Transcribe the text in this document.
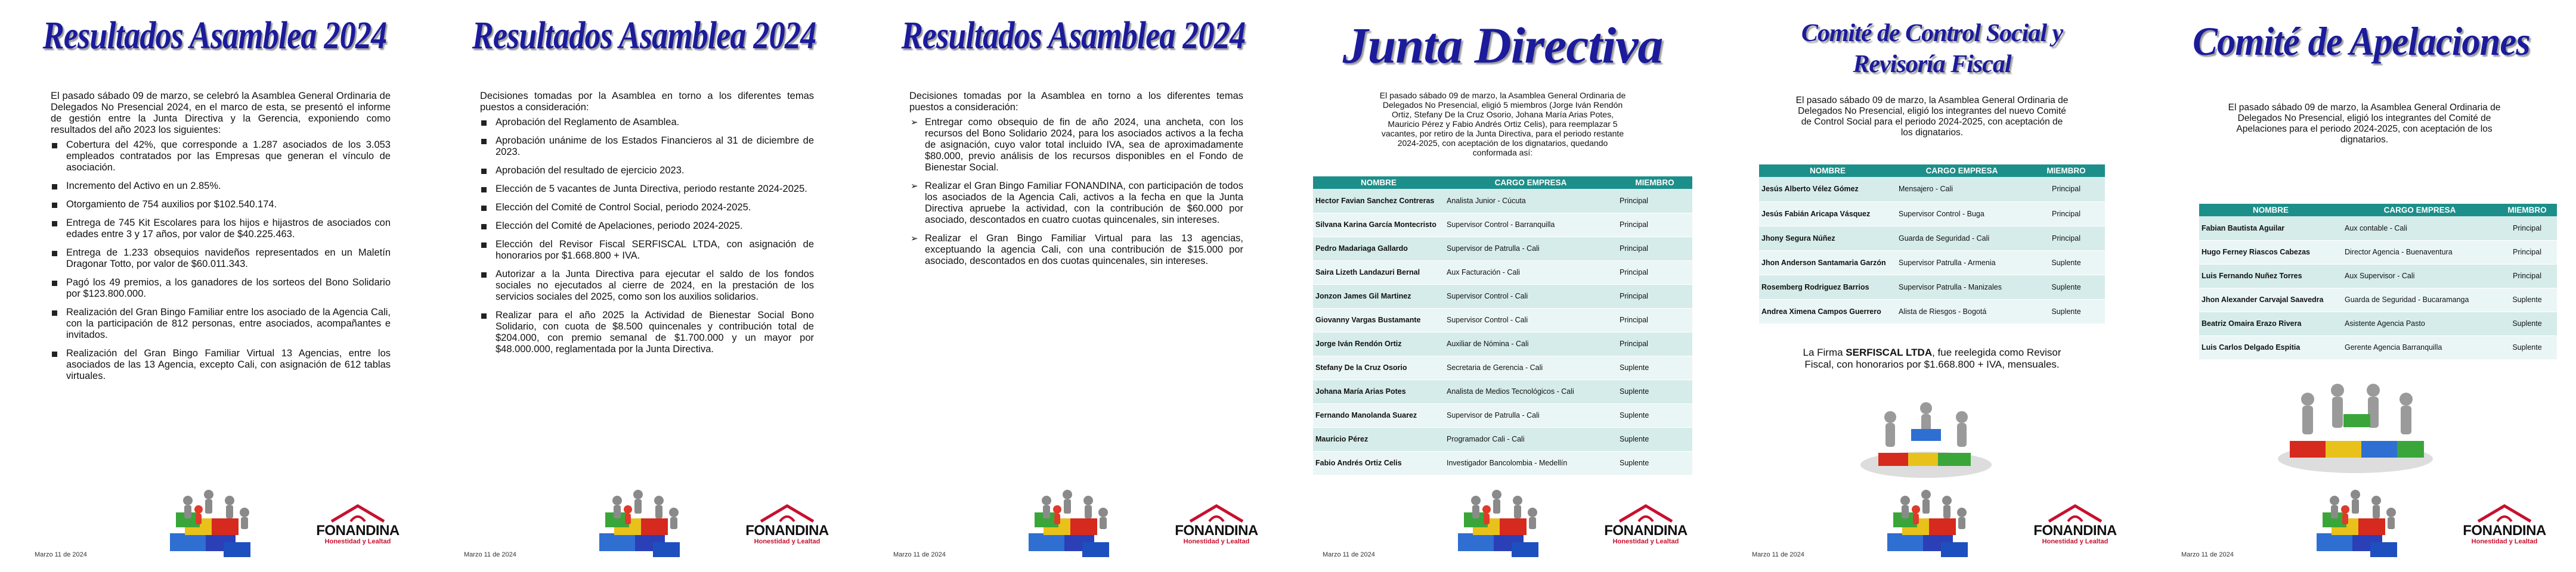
Resultados Asamblea 2024

El pasado sábado 09 de marzo, se celebró la Asamblea General Ordinaria de Delegados No Presencial 2024, en el marco de esta, se presentó el informe de gestión entre la Junta Directiva y la Gerencia, exponiendo como resultados del año 2023 los siguientes:

Cobertura del 42%, que corresponde a 1.287 asociados de los 3.053 empleados contratados por las Empresas que generan el vínculo de asociación.
Incremento del Activo en un 2.85%.
Otorgamiento de 754 auxilios por $102.540.174.
Entrega de 745 Kit Escolares para los hijos e hijastros de asociados con edades entre 3 y 17 años, por valor de $40.225.463.
Entrega de 1.233 obsequios navideños representados en un Maletín Dragonar Totto, por valor de $60.011.343.
Pagó los 49 premios, a los ganadores de los sorteos del Bono Solidario por $123.800.000.
Realización del Gran Bingo Familiar entre los asociado de la Agencia Cali, con la participación de 812 personas, entre asociados, acompañantes e invitados.
Realización del Gran Bingo Familiar Virtual 13 Agencias, entre los asociados de las 13 Agencia, excepto Cali, con asignación de 612 tablas virtuales.
FONANDINA
Honestidad y Lealtad
Marzo 11 de 2024
Resultados Asamblea 2024

Decisiones tomadas por la Asamblea en torno a los diferentes temas puestos a consideración:

Aprobación del Reglamento de Asamblea.
Aprobación unánime de los Estados Financieros al 31 de diciembre de 2023.
Aprobación del resultado de ejercicio 2023.
Elección de 5 vacantes de Junta Directiva, periodo restante 2024-2025.
Elección del Comité de Control Social, periodo 2024-2025.
Elección del Comité de Apelaciones, periodo 2024-2025.
Elección del Revisor Fiscal SERFISCAL LTDA, con asignación de honorarios por $1.668.800 + IVA.
Autorizar a la Junta Directiva para ejecutar el saldo de los fondos sociales no ejecutados al cierre de 2024, en la prestación de los servicios sociales del 2025, como son los auxilios solidarios.
Realizar para el año 2025 la Actividad de Bienestar Social Bono Solidario, con cuota de $8.500 quincenales y contribución total de $204.000, con premio semanal de $1.700.000 y un mayor por $48.000.000, reglamentada por la Junta Directiva.
FONANDINA
Honestidad y Lealtad
Marzo 11 de 2024
Resultados Asamblea 2024

Decisiones tomadas por la Asamblea en torno a los diferentes temas puestos a consideración:

➢ Entregar como obsequio de fin de año 2024, una ancheta, con los recursos del Bono Solidario 2024, para los asociados activos a la fecha de asignación, cuyo valor total incluido IVA, sea de aproximadamente $80.000, previo análisis de los recursos disponibles en el Fondo de Bienestar Social.
➢ Realizar el Gran Bingo Familiar FONANDINA, con participación de todos los asociados de la Agencia Cali, activos a la fecha en que la Junta Directiva apruebe la actividad, con la contribución de $60.000 por asociado, descontados en cuatro cuotas quincenales, sin intereses.
➢ Realizar el Gran Bingo Familiar Virtual para las 13 agencias, exceptuando la agencia Cali, con una contribución de $15.000 por asociado, descontados en dos cuotas quincenales, sin intereses.
FONANDINA
Honestidad y Lealtad
Marzo 11 de 2024
Junta Directiva

El pasado sábado 09 de marzo, la Asamblea General Ordinaria de Delegados No Presencial, eligió 5 miembros (Jorge Iván Rendón Ortiz, Stefany De la Cruz Osorio, Johana María Arias Potes, Mauricio Pérez y Fabio Andrés Ortiz Celis), para reemplazar 5 vacantes, por retiro de la Junta Directiva, para el periodo restante 2024-2025, con aceptación de los dignatarios, quedando conformada así:

NOMBRE	CARGO EMPRESA	MIEMBRO
Hector Favian Sanchez Contreras	Analista Junior - Cúcuta	Principal
Silvana Karina García Montecristo	Supervisor Control - Barranquilla	Principal
Pedro Madariaga Gallardo	Supervisor de Patrulla - Cali	Principal
Saira Lizeth Landazuri Bernal	Aux Facturación - Cali	Principal
Jonzon James Gil Martinez	Supervisor Control - Cali	Principal
Giovanny Vargas Bustamante	Supervisor Control - Cali	Principal
Jorge Iván Rendón Ortiz	Auxiliar de Nómina - Cali	Principal
Stefany De la Cruz Osorio	Secretaria de Gerencia - Cali	Suplente
Johana María Arias Potes	Analista de Medios Tecnológicos - Cali	Suplente
Fernando Manolanda Suarez	Supervisor de Patrulla - Cali	Suplente
Mauricio Pérez	Programador Cali - Cali	Suplente
Fabio Andrés Ortiz Celis	Investigador Bancolombia - Medellín	Suplente
FONANDINA
Honestidad y Lealtad
Marzo 11 de 2024
Comité de Control Social y
Revisoría Fiscal

El pasado sábado 09 de marzo, la Asamblea General Ordinaria de Delegados No Presencial, eligió los integrantes del nuevo Comité de Control Social para el periodo 2024-2025, con aceptación de los dignatarios.

NOMBRE	CARGO EMPRESA	MIEMBRO
Jesús Alberto Vélez Gómez	Mensajero - Cali	Principal
Jesús Fabián Aricapa Vásquez	Supervisor Control - Buga	Principal
Jhony Segura Núñez	Guarda de Seguridad - Cali	Principal
Jhon Anderson Santamaria Garzón	Supervisor Patrulla - Armenia	Suplente
Rosemberg Rodriguez Barrios	Supervisor Patrulla - Manizales	Suplente
Andrea Ximena Campos Guerrero	Alista de Riesgos - Bogotá	Suplente

La Firma SERFISCAL LTDA, fue reelegida como Revisor Fiscal, con honorarios por $1.668.800 + IVA, mensuales.

FONANDINA
Honestidad y Lealtad
Marzo 11 de 2024
Comité de Apelaciones

El pasado sábado 09 de marzo, la Asamblea General Ordinaria de Delegados No Presencial, eligió los integrantes del Comité de Apelaciones para el periodo 2024-2025, con aceptación de los dignatarios.

NOMBRE	CARGO EMPRESA	MIEMBRO
Fabian Bautista Aguilar	Aux contable - Cali	Principal
Hugo Ferney Riascos Cabezas	Director Agencia - Buenaventura	Principal
Luis Fernando Nuñez Torres	Aux Supervisor - Cali	Principal
Jhon Alexander Carvajal Saavedra	Guarda de Seguridad - Bucaramanga	Suplente
Beatriz Omaira Erazo Rivera	Asistente Agencia Pasto	Suplente
Luis Carlos Delgado Espitia	Gerente Agencia Barranquilla	Suplente
FONANDINA
Honestidad y Lealtad
Marzo 11 de 2024
